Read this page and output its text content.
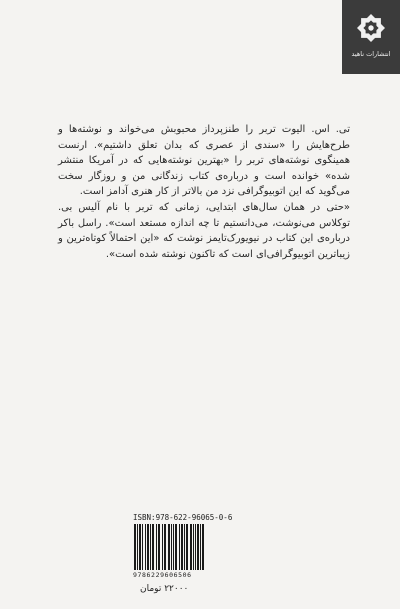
انتشارات ناهید

تی. اس. الیوت تربر را طنزپرداز محبوبش می‌خواند و نوشته‌ها و طرح‌هایش را «سندی از عصری که بدان تعلق داشتیم». ارنست همینگوی نوشته‌های تربر را «بهترین نوشته‌هایی که در آمریکا منتشر شده» خوانده است و درباره‌ی کتاب زندگانی من و روزگار سخت می‌گوید که این اتوبیوگرافی نزد من بالاتر از کار هنری آدامز است.

«حتی در همان سال‌های ابتدایی، زمانی که تربر با نام آلیس بی. توکلاس می‌نوشت، می‌دانستیم تا چه اندازه مستعد است». راسل باکر درباره‌ی این کتاب در نیویورک‌تایمز نوشت که «این احتمالاً کوتاه‌ترین و زیباترین اتوبیوگرافی‌ای است که تاکنون نوشته شده است».

ISBN:978-622-96065-0-6
9786229606506
۲۲۰۰۰ تومان
